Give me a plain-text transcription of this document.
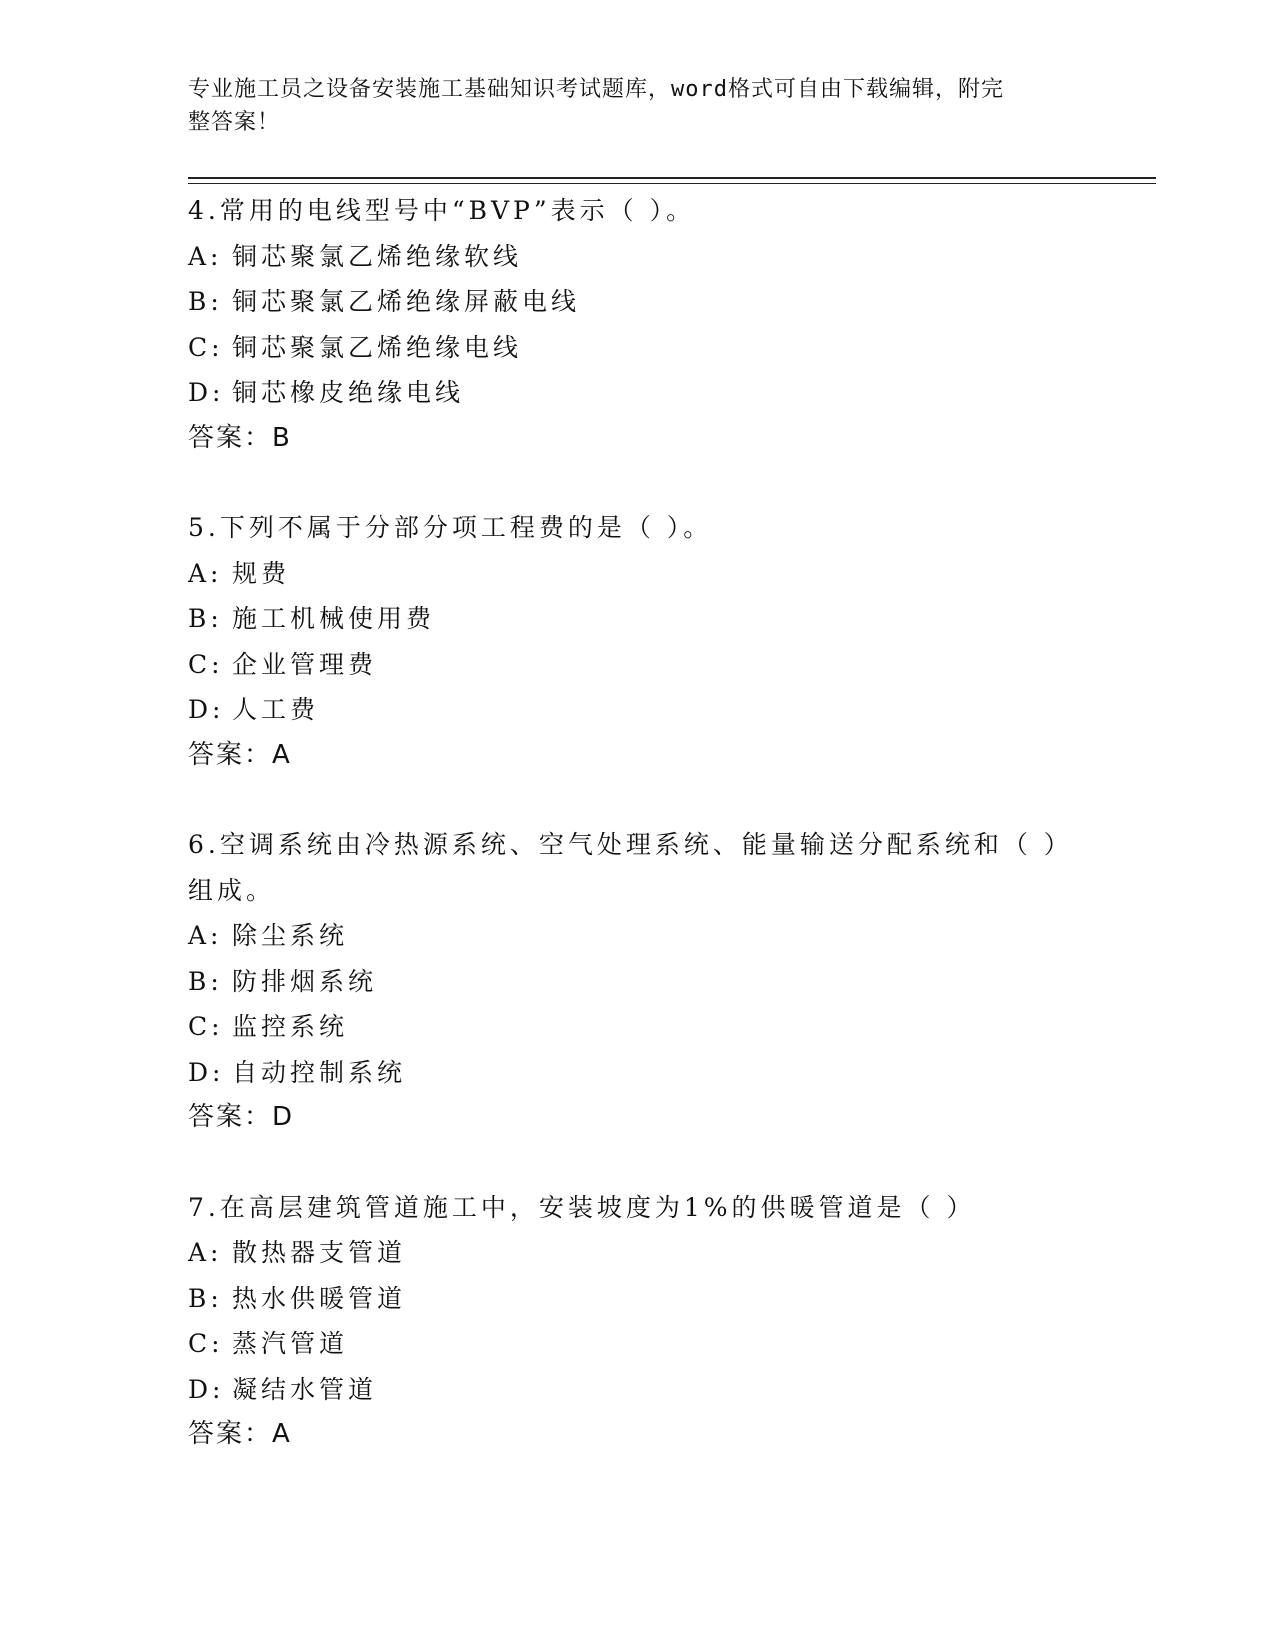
专业施工员之设备安装施工基础知识考试题库，word格式可自由下载编辑，附完
整答案！

4.常用的电线型号中“BVP”表示（ ）。

A: 铜芯聚氯乙烯绝缘软线

B: 铜芯聚氯乙烯绝缘屏蔽电线

C: 铜芯聚氯乙烯绝缘电线

D: 铜芯橡皮绝缘电线

答案：B

5.下列不属于分部分项工程费的是（ ）。

A: 规费

B: 施工机械使用费

C: 企业管理费

D: 人工费

答案：A

6.空调系统由冷热源系统、空气处理系统、能量输送分配系统和（ ）组成。

A: 除尘系统

B: 防排烟系统

C: 监控系统

D: 自动控制系统

答案：D

7.在高层建筑管道施工中，安装坡度为1%的供暖管道是（ ）

A: 散热器支管道

B: 热水供暖管道

C: 蒸汽管道

D: 凝结水管道

答案：A
